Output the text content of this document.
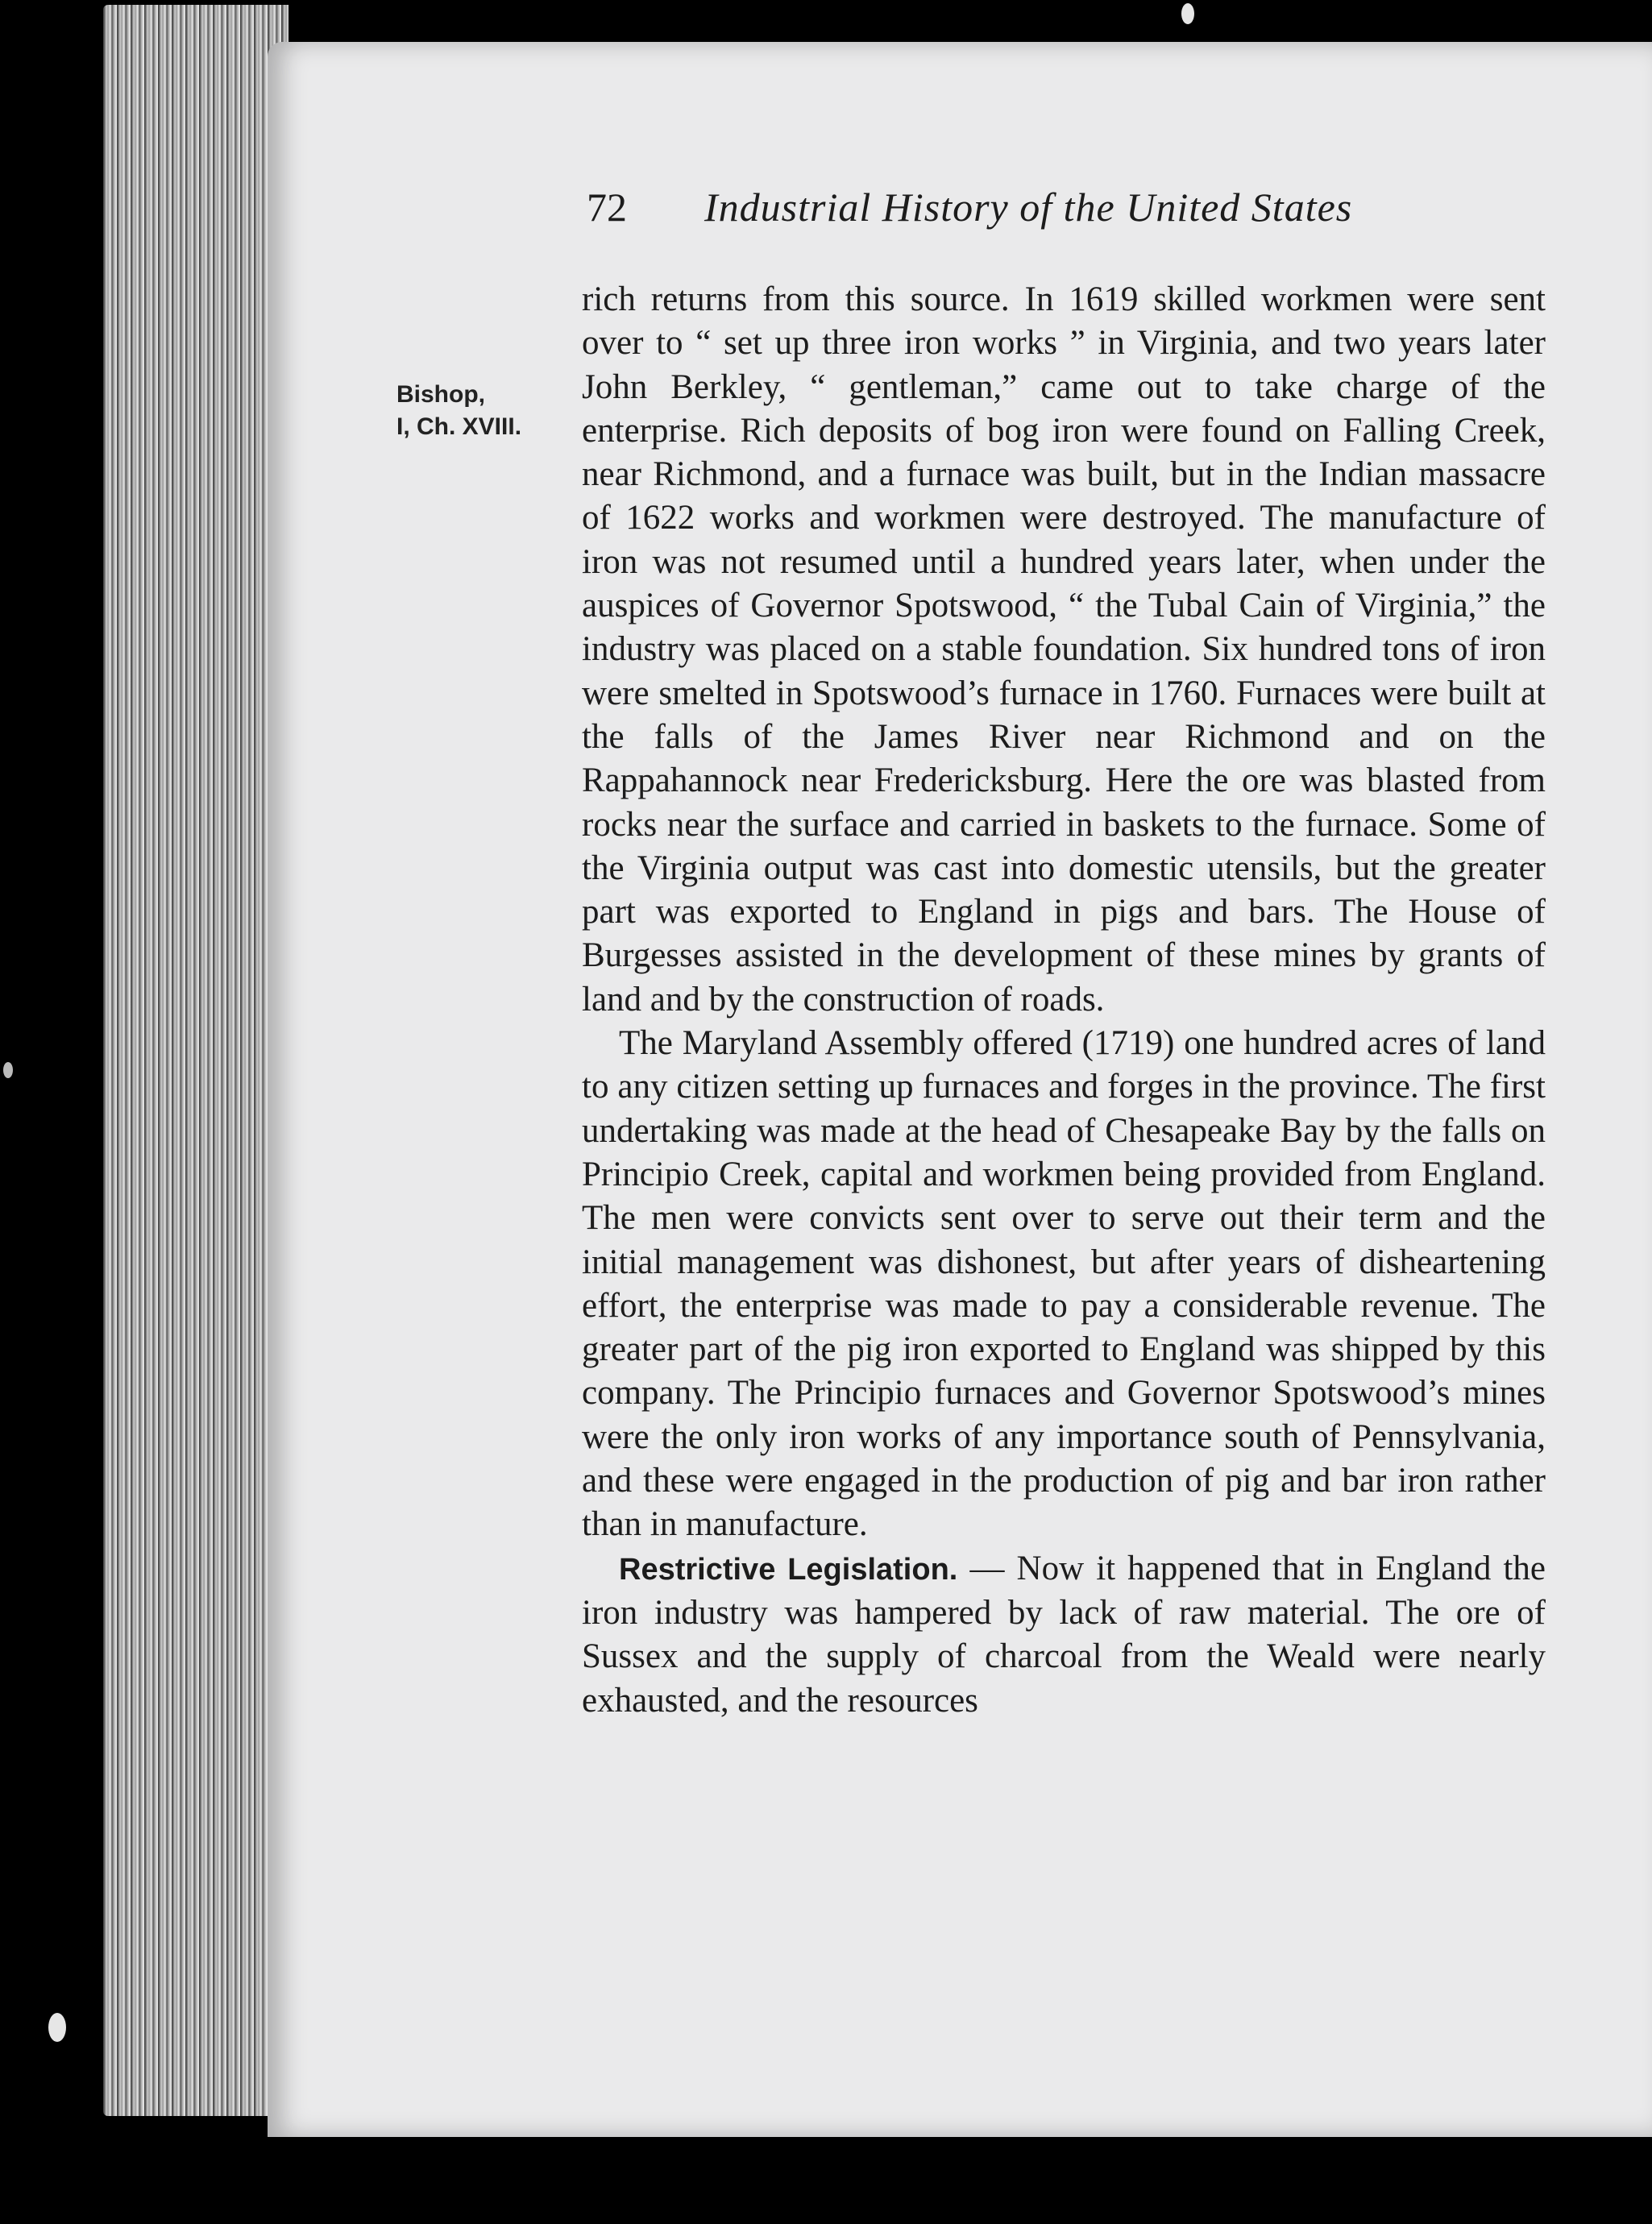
72 Industrial History of the United States
Bishop,
I, Ch. XVIII.

rich returns from this source. In 1619 skilled workmen were sent over to “ set up three iron works ” in Virginia, and two years later John Berkley, “ gentleman,” came out to take charge of the enterprise. Rich deposits of bog iron were found on Falling Creek, near Richmond, and a furnace was built, but in the Indian massacre of 1622 works and workmen were destroyed. The manufacture of iron was not resumed until a hundred years later, when under the auspices of Governor Spotswood, “ the Tubal Cain of Virginia,” the industry was placed on a stable foundation. Six hundred tons of iron were smelted in Spotswood’s furnace in 1760. Furnaces were built at the falls of the James River near Richmond and on the Rappahannock near Fredericksburg. Here the ore was blasted from rocks near the surface and carried in baskets to the furnace. Some of the Virginia output was cast into domestic utensils, but the greater part was exported to England in pigs and bars. The House of Burgesses assisted in the development of these mines by grants of land and by the construction of roads.

The Maryland Assembly offered (1719) one hundred acres of land to any citizen setting up furnaces and forges in the province. The first undertaking was made at the head of Chesapeake Bay by the falls on Principio Creek, capital and workmen being provided from England. The men were convicts sent over to serve out their term and the initial management was dishonest, but after years of disheartening effort, the enterprise was made to pay a considerable revenue. The greater part of the pig iron exported to England was shipped by this company. The Principio furnaces and Governor Spotswood’s mines were the only iron works of any importance south of Pennsylvania, and these were engaged in the production of pig and bar iron rather than in manufacture.

Restrictive Legislation. — Now it happened that in England the iron industry was hampered by lack of raw material. The ore of Sussex and the supply of charcoal from the Weald were nearly exhausted, and the resources
